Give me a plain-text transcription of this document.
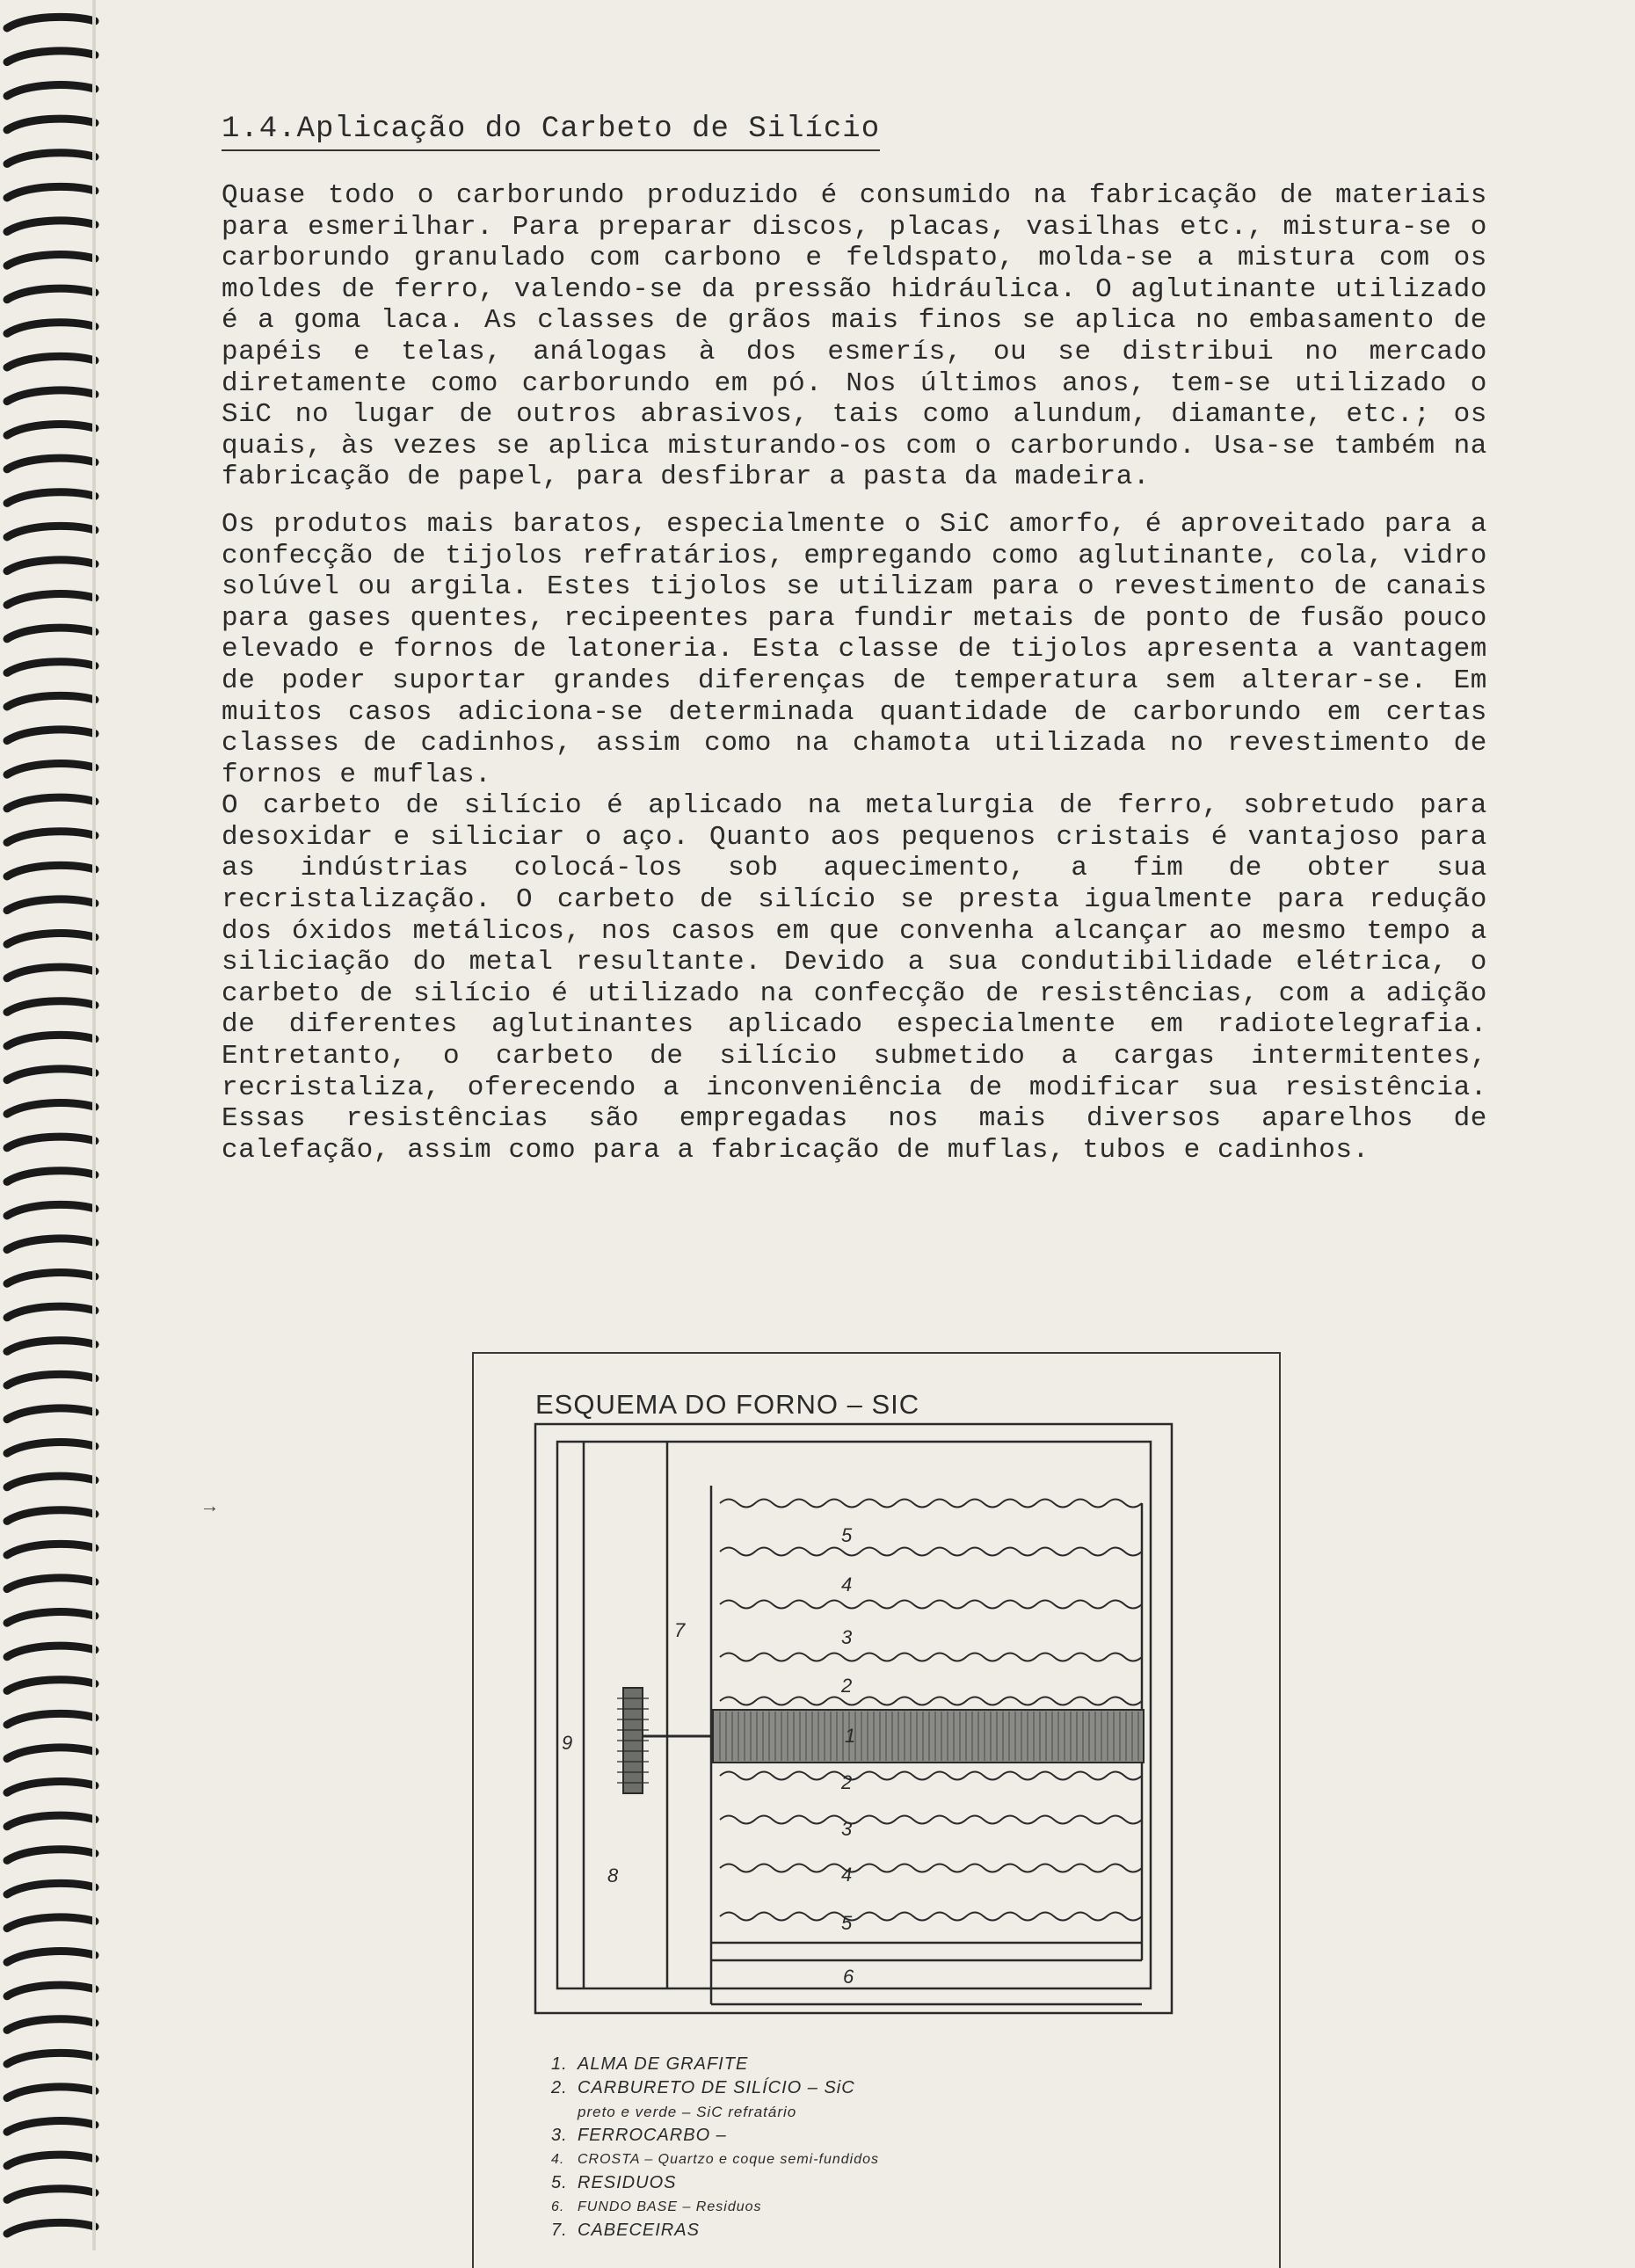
1.4.Aplicação do Carbeto de Silício

Quase todo o carborundo produzido é consumido na fabricação de materiais para esmerilhar. Para preparar discos, placas, vasilhas etc., mistura-se o carborundo granulado com carbono e feldspato, molda-se a mistura com os moldes de ferro, valendo-se da pressão hidráulica. O aglutinante utilizado é a goma laca. As classes de grãos mais finos se aplica no embasamento de papéis e telas, análogas à dos esmerís, ou se distribui no mercado diretamente como carborundo em pó. Nos últimos anos, tem-se utilizado o SiC no lugar de outros abrasivos, tais como alundum, diamante, etc.; os quais, às vezes se aplica misturando-os com o carborundo. Usa-se também na fabricação de papel, para desfibrar a pasta da madeira.

Os produtos mais baratos, especialmente o SiC amorfo, é aproveitado para a confecção de tijolos refratários, empregando como aglutinante, cola, vidro solúvel ou argila. Estes tijolos se utilizam para o revestimento de canais para gases quentes, recipeentes para fundir metais de ponto de fusão pouco elevado e fornos de latoneria. Esta classe de tijolos apresenta a vantagem de poder suportar grandes diferenças de temperatura sem alterar-se. Em muitos casos adiciona-se determinada quantidade de carborundo em certas classes de cadinhos, assim como na chamota utilizada no revestimento de fornos e muflas.

O carbeto de silício é aplicado na metalurgia de ferro, sobretudo para desoxidar e siliciar o aço. Quanto aos pequenos cristais é vantajoso para as indústrias colocá-los sob aquecimento, a fim de obter sua recristalização. O carbeto de silício se presta igualmente para redução dos óxidos metálicos, nos casos em que convenha alcançar ao mesmo tempo a siliciação do metal resultante. Devido a sua condutibilidade elétrica, o carbeto de silício é utilizado na confecção de resistências, com a adição de diferentes aglutinantes aplicado especialmente em radiotelegrafia. Entretanto, o carbeto de silício submetido a cargas intermitentes, recristaliza, oferecendo a inconveniência de modificar sua resistência. Essas resistências são empregadas nos mais diversos aparelhos de calefação, assim como para a fabricação de muflas, tubos e cadinhos.

→
ESQUEMA DO FORNO – SIC
5
4
3
2
1
2
3
4
5
6
7
8
9
1. ALMA DE GRAFITE
2. CARBURETO DE SILÍCIO – SiC
preto e verde – SiC refratário
3. FERROCARBO –
4. CROSTA – Quartzo e coque semi-fundidos
5. RESIDUOS
6. FUNDO BASE – Residuos
7. CABECEIRAS
